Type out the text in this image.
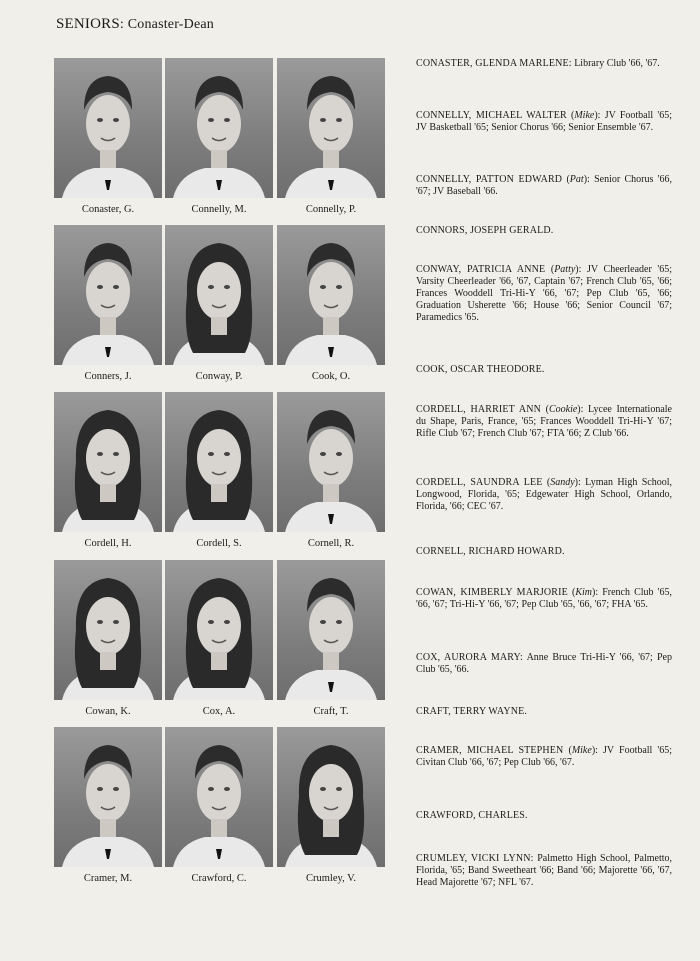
SENIORS: Conaster-Dean
Conaster, G.	Connelly, M.	Connelly, P.
Conners, J.	Conway, P.	Cook, O.
Cordell, H.	Cordell, S.	Cornell, R.
Cowan, K.	Cox, A.	Craft, T.
Cramer, M.	Crawford, C.	Crumley, V.
CONASTER, GLENDA MARLENE: Library Club '66, '67.
CONNELLY, MICHAEL WALTER (Mike): JV Football '65; JV Basketball '65; Senior Chorus '66; Senior Ensemble '67.
CONNELLY, PATTON EDWARD (Pat): Senior Chorus '66, '67; JV Baseball '66.
CONNORS, JOSEPH GERALD.
CONWAY, PATRICIA ANNE (Patty): JV Cheerleader '65; Varsity Cheerleader '66, '67, Captain '67; French Club '65, '66; Frances Wooddell Tri-Hi-Y '66, '67; Pep Club '65, '66; Graduation Usherette '66; House '66; Senior Council '67; Paramedics '65.
COOK, OSCAR THEODORE.
CORDELL, HARRIET ANN (Cookie): Lycee Internationale du Shape, Paris, France, '65; Frances Wooddell Tri-Hi-Y '67; Rifle Club '67; French Club '67; FTA '66; Z Club '66.
CORDELL, SAUNDRA LEE (Sandy): Lyman High School, Longwood, Florida, '65; Edgewater High School, Orlando, Florida, '66; CEC '67.
CORNELL, RICHARD HOWARD.
COWAN, KIMBERLY MARJORIE (Kim): French Club '65, '66, '67; Tri-Hi-Y '66, '67; Pep Club '65, '66, '67; FHA '65.
COX, AURORA MARY: Anne Bruce Tri-Hi-Y '66, '67; Pep Club '65, '66.
CRAFT, TERRY WAYNE.
CRAMER, MICHAEL STEPHEN (Mike): JV Football '65; Civitan Club '66, '67; Pep Club '66, '67.
CRAWFORD, CHARLES.
CRUMLEY, VICKI LYNN: Palmetto High School, Palmetto, Florida, '65; Band Sweetheart '66; Band '66; Majorette '66, '67, Head Majorette '67; NFL '67.
